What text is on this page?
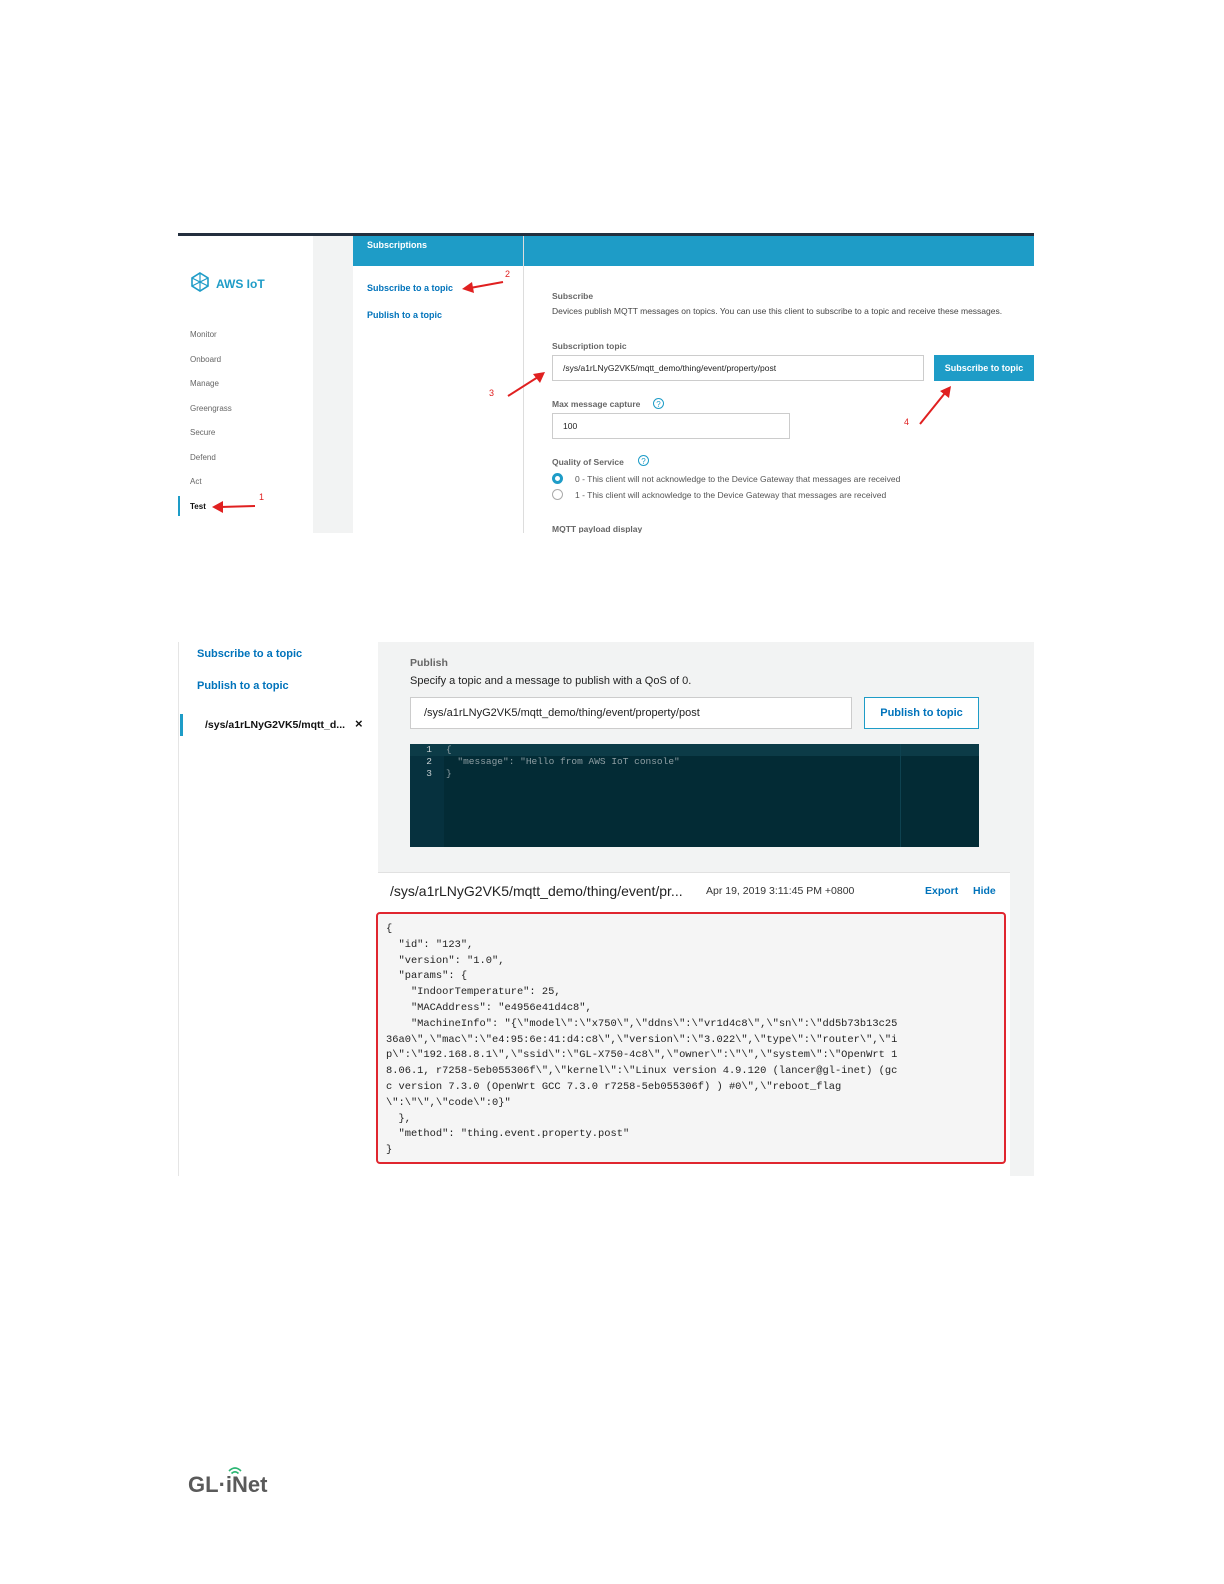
AWS IoT
Monitor
Onboard
Manage
Greengrass
Secure
Defend
Act
Test
Subscriptions
Subscribe to a topic
Publish to a topic
Subscribe
Devices publish MQTT messages on topics. You can use this client to subscribe to a topic and receive these messages.
Subscription topic
/sys/a1rLNyG2VK5/mqtt_demo/thing/event/property/post	Subscribe to topic
Max message capture	?
100
Quality of Service	?
0 - This client will not acknowledge to the Device Gateway that messages are received
1 - This client will acknowledge to the Device Gateway that messages are received
MQTT payload display
1
2
3
4
Subscribe to a topic
Publish to a topic
/sys/a1rLNyG2VK5/mqtt_d... ×
Publish
Specify a topic and a message to publish with a QoS of 0.
/sys/a1rLNyG2VK5/mqtt_demo/thing/event/property/post	Publish to topic
1
2
3
{
"message": "Hello from AWS IoT console"
}
/sys/a1rLNyG2VK5/mqtt_demo/thing/event/pr... Apr 19, 2019 3:11:45 PM +0800	Export Hide
{
"id": "123",
"version": "1.0",
"params": {
"IndoorTemperature": 25,
"MACAddress": "e4956e41d4c8",
"MachineInfo": "{\"model\":\"x750\",\"ddns\":\"vr1d4c8\",\"sn\":\"dd5b73b13c25
36a0\",\"mac\":\"e4:95:6e:41:d4:c8\",\"version\":\"3.022\",\"type\":\"router\",\"i
p\":\"192.168.8.1\",\"ssid\":\"GL-X750-4c8\",\"owner\":\"\",\"system\":\"OpenWrt 1
8.06.1, r7258-5eb055306f\",\"kernel\":\"Linux version 4.9.120 (lancer@gl-inet) (gc
c version 7.3.0 (OpenWrt GCC 7.3.0 r7258-5eb055306f) ) #0\",\"reboot_flag
\":\"\",\"code\":0}"
},
"method": "thing.event.property.post"
}
GL·iNet
